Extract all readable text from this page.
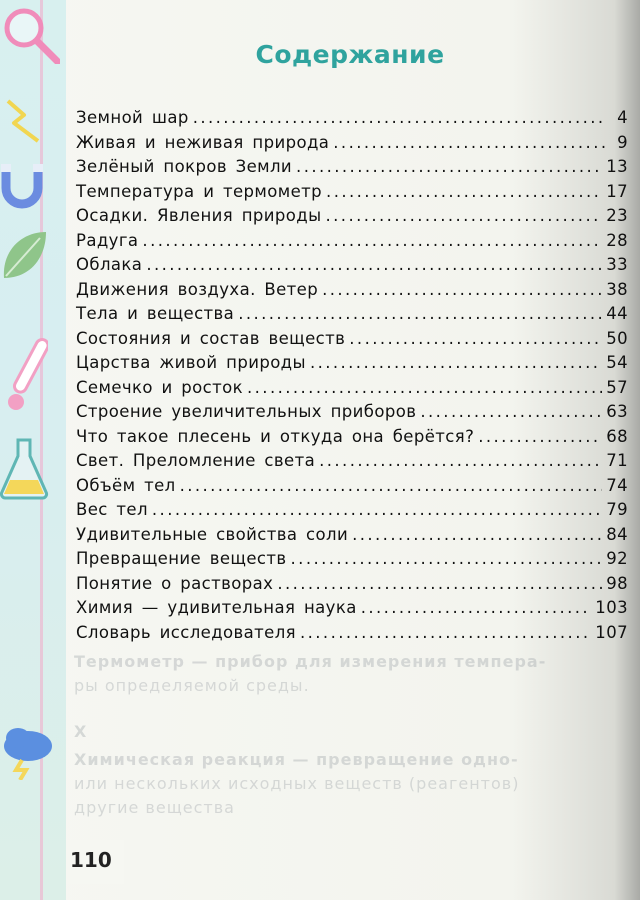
Х
Термометр — прибор для измерения темпера-
ры определяемой среды.
Химическая реакция — превращение одно-
или нескольких исходных веществ (реагентов)
другие вещества
Содержание
Земной шар .....	4
Живая и неживая природа .....	9
Зелёный покров Земли .....	13
Температура и термометр .....	17
Осадки. Явления природы .....	23
Радуга .....	28
Облака .....	33
Движения воздуха. Ветер .....	38
Тела и вещества .....	44
Состояния и состав веществ .....	50
Царства живой природы .....	54
Семечко и росток .....	57
Строение увеличительных приборов .....	63
Что такое плесень и откуда она берётся? .....	68
Свет. Преломление света .....	71
Объём тел .....	74
Вес тел .....	79
Удивительные свойства соли .....	84
Превращение веществ .....	92
Понятие о растворах .....	98
Химия — удивительная наука .....	103
Словарь исследователя .....	107
110
